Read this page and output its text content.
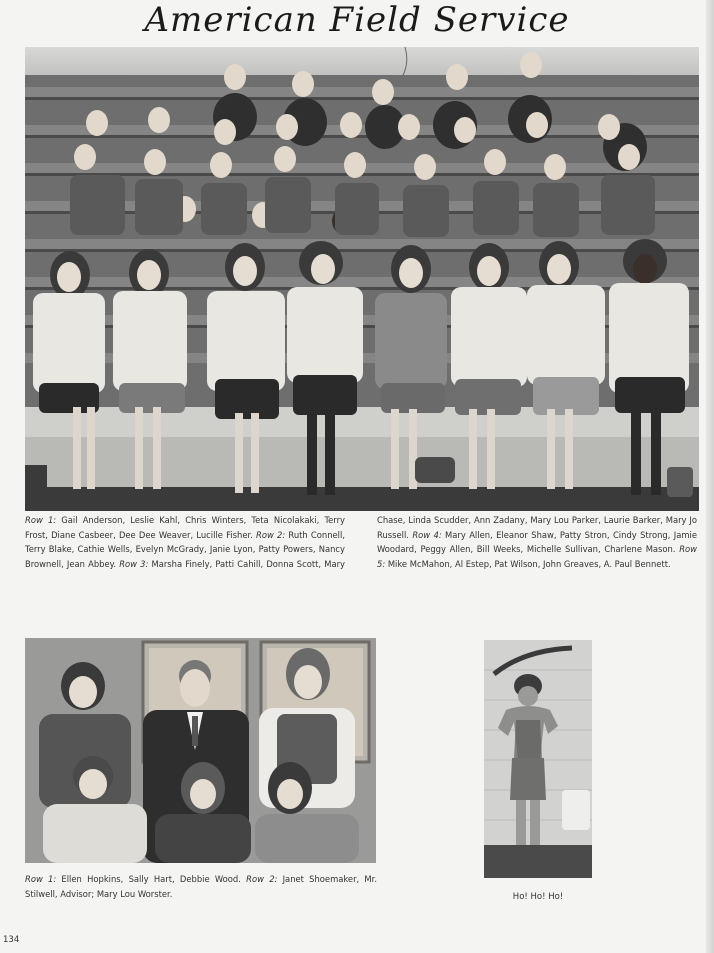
American Field Service

Row 1: Gail Anderson, Leslie Kahl, Chris Winters, Teta Nicolakaki, Terry Frost, Diane Casbeer, Dee Dee Weaver, Lucille Fisher. Row 2: Ruth Connell, Terry Blake, Cathie Wells, Evelyn McGrady, Janie Lyon, Patty Powers, Nancy Brownell, Jean Abbey. Row 3: Marsha Finely, Patti Cahill, Donna Scott, Mary Chase, Linda Scudder, Ann Zadany, Mary Lou Parker, Laurie Barker, Mary Jo Russell. Row 4: Mary Allen, Eleanor Shaw, Patty Stron, Cindy Strong, Jamie Woodard, Peggy Allen, Bill Weeks, Michelle Sullivan, Charlene Mason. Row 5: Mike McMahon, Al Estep, Pat Wilson, John Greaves, A. Paul Bennett.

Row 1: Ellen Hopkins, Sally Hart, Debbie Wood. Row 2: Janet Shoemaker, Mr. Stilwell, Advisor; Mary Lou Worster.	Ho! Ho! Ho!

134
